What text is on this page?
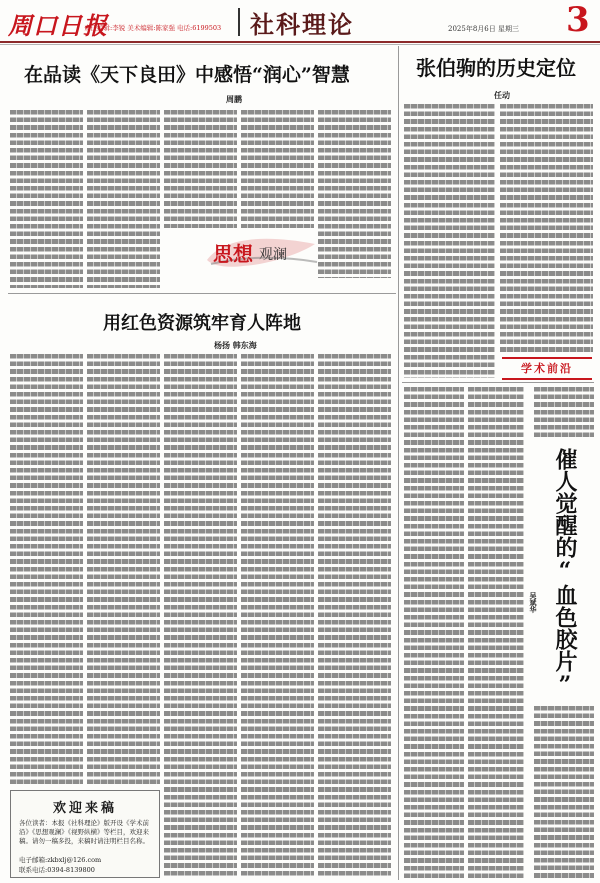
周口日报
责任编辑:李锐 美术编辑:陈家强 电话:6199503 社科理论	2025年8月6日 星期三 3
在品读《天下良田》中感悟“润心”智慧
周鹏
思想 观澜
用红色资源筑牢育人阵地
杨扬 韩东海
欢迎来稿
各位读者：本报《社科理论》版开设《学术前沿》《思想观澜》《视野纵横》等栏目，欢迎来稿。请勿一稿多投，来稿时请注明栏目名称。
电子邮箱:zkbxlj@126.com
联系电话:0394-8139800
张伯驹的历史定位
任动
学术前沿
催人觉醒的“血色胶片”
吴斌华
